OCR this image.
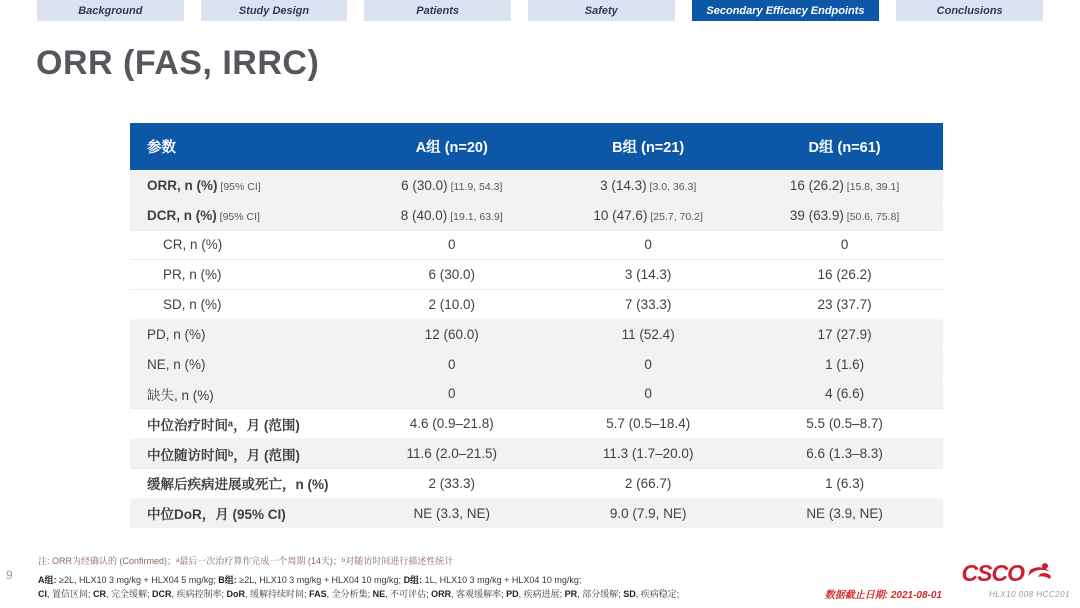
Background	Study Design	Patients	Safety	Secondary Efficacy Endpoints	Conclusions
ORR (FAS, IRRC)
参数	A组 (n=20)	B组 (n=21)	D组 (n=61)
ORR, n (%) [95% CI]	6 (30.0) [11.9, 54.3]	3 (14.3) [3.0, 36.3]	16 (26.2) [15.8, 39.1]
DCR, n (%) [95% CI]	8 (40.0) [19.1, 63.9]	10 (47.6) [25.7, 70.2]	39 (63.9) [50.6, 75.8]
CR, n (%)	0	0	0
PR, n (%)	6 (30.0)	3 (14.3)	16 (26.2)
SD, n (%)	2 (10.0)	7 (33.3)	23 (37.7)
PD, n (%)	12 (60.0)	11 (52.4)	17 (27.9)
NE, n (%)	0	0	1 (1.6)
缺失, n (%)	0	0	4 (6.6)
中位治疗时间ᵃ，月 (范围)	4.6 (0.9–21.8)	5.7 (0.5–18.4)	5.5 (0.5–8.7)
中位随访时间ᵇ，月 (范围)	11.6 (2.0–21.5)	11.3 (1.7–20.0)	6.6 (1.3–8.3)
缓解后疾病进展或死亡，n (%)	2 (33.3)	2 (66.7)	1 (6.3)
中位DoR，月 (95% CI)	NE (3.3, NE)	9.0 (7.9, NE)	NE (3.9, NE)
注: ORR为经确认的 (Confirmed)；ᵃ最后一次治疗算作完成一个周期 (14天)；ᵇ对随访时间进行描述性统计
A组: ≥2L, HLX10 3 mg/kg + HLX04 5 mg/kg; B组: ≥2L, HLX10 3 mg/kg + HLX04 10 mg/kg; D组: 1L, HLX10 3 mg/kg + HLX04 10 mg/kg;
CI, 置信区间; CR, 完全缓解; DCR, 疾病控制率; DoR, 缓解持续时间; FAS, 全分析集; NE, 不可评估; ORR, 客观缓解率; PD, 疾病进展; PR, 部分缓解; SD, 疾病稳定;
9
数据截止日期: 2021-08-01
CSCO
HLX10 008 HCC201
